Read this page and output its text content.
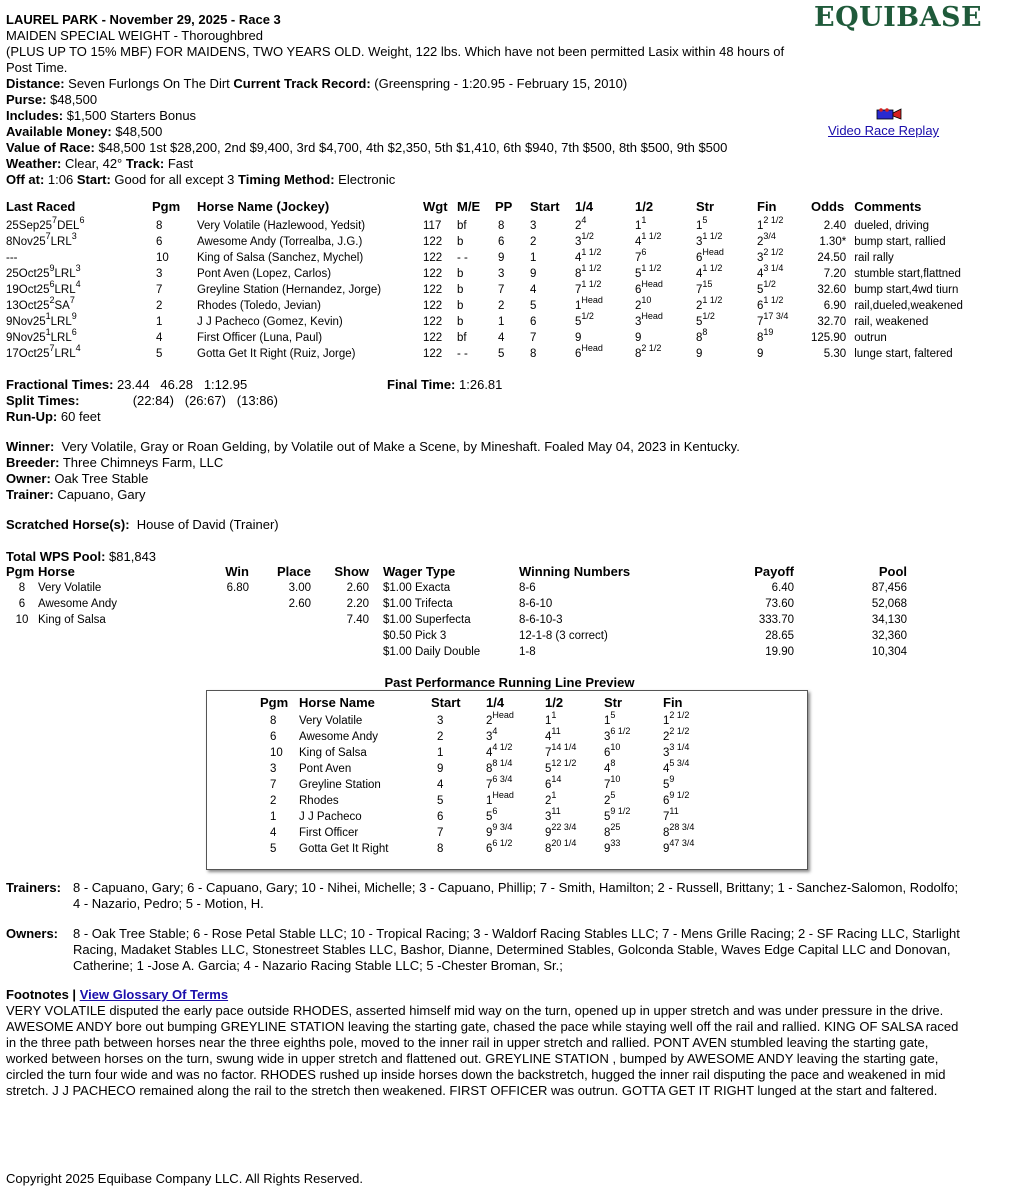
LAUREL PARK - November 29, 2025 - Race 3
MAIDEN SPECIAL WEIGHT - Thoroughbred
(PLUS UP TO 15% MBF) FOR MAIDENS, TWO YEARS OLD. Weight, 122 lbs. Which have not been permitted Lasix within 48 hours of Post Time.
Distance: Seven Furlongs On The Dirt Current Track Record: (Greenspring - 1:20.95 - February 15, 2010)
Purse: $48,500
Includes: $1,500 Starters Bonus
Available Money: $48,500
Value of Race: $48,500 1st $28,200, 2nd $9,400, 3rd $4,700, 4th $2,350, 5th $1,410, 6th $940, 7th $500, 8th $500, 9th $500
Weather: Clear, 42° Track: Fast
Off at: 1:06 Start: Good for all except 3 Timing Method: Electronic
EQUIBASE
Video Race Replay
Last Raced	Pgm	Horse Name (Jockey)	Wgt	M/E	PP	Start	1/4	1/2	Str	Fin	Odds	Comments
$25Sep25^7DEL^6$	8	Very Volatile (Hazlewood, Yedsit)	117	bf	8	3	$2^4$	$1^1$	$1^5$	$1^{2 1/2}$	2.40	dueled, driving
$8Nov25^7LRL^3$	6	Awesome Andy (Torrealba, J.G.)	122	b	6	2	$3^{1/2}$	$4^{1 1/2}$	$3^{1 1/2}$	$2^{3/4}$	1.30*	bump start, rallied
---	10	King of Salsa (Sanchez, Mychel)	122	- -	9	1	$4^{1 1/2}$	$7^6$	$6^{Head}$	$3^{2 1/2}$	24.50	rail rally
$25Oct25^9LRL^3$	3	Pont Aven (Lopez, Carlos)	122	b	3	9	$8^{1 1/2}$	$5^{1 1/2}$	$4^{1 1/2}$	$4^{3 1/4}$	7.20	stumble start,flattned
$19Oct25^6LRL^4$	7	Greyline Station (Hernandez, Jorge)	122	b	7	4	$7^{1 1/2}$	$6^{Head}$	$7^{15}$	$5^{1/2}$	32.60	bump start,4wd tiurn
$13Oct25^2SA^7$	2	Rhodes (Toledo, Jevian)	122	b	2	5	$1^{Head}$	$2^{10}$	$2^{1 1/2}$	$6^{1 1/2}$	6.90	rail,dueled,weakened
$9Nov25^1LRL^9$	1	J J Pacheco (Gomez, Kevin)	122	b	1	6	$5^{1/2}$	$3^{Head}$	$5^{1/2}$	$7^{17 3/4}$	32.70	rail, weakened
$9Nov25^1LRL^6$	4	First Officer (Luna, Paul)	122	bf	4	7	9	9	$8^8$	$8^{19}$	125.90	outrun
$17Oct25^7LRL^4$	5	Gotta Get It Right (Ruiz, Jorge)	122	- -	5	8	$6^{Head}$	$8^{2 1/2}$	9	9	5.30	lunge start, faltered
Fractional Times: 23.44 46.28 1:12.95	Final Time: 1:26.81
Split Times:	(22:84) (26:67) (13:86)
Run-Up: 60 feet
Winner: Very Volatile, Gray or Roan Gelding, by Volatile out of Make a Scene, by Mineshaft. Foaled May 04, 2023 in Kentucky.
Breeder: Three Chimneys Farm, LLC
Owner: Oak Tree Stable
Trainer: Capuano, Gary
Scratched Horse(s): House of David (Trainer)
Total WPS Pool: $81,843
Pgm	Horse	Win	Place	Show
8	Very Volatile	6.80	3.00	2.60
6	Awesome Andy		2.60	2.20
10	King of Salsa			7.40
Wager Type	Winning Numbers	Payoff	Pool
$1.00 Exacta	8-6	6.40	87,456
$1.00 Trifecta	8-6-10	73.60	52,068
$1.00 Superfecta	8-6-10-3	333.70	34,130
$0.50 Pick 3	12-1-8 (3 correct)	28.65	32,360
$1.00 Daily Double	1-8	19.90	10,304
Past Performance Running Line Preview
Pgm	Horse Name	Start	1/4	1/2	Str	Fin
8	Very Volatile	3	$2^{Head}$	$1^1$	$1^5$	$1^{2 1/2}$
6	Awesome Andy	2	$3^4$	$4^{11}$	$3^{6 1/2}$	$2^{2 1/2}$
10	King of Salsa	1	$4^{4 1/2}$	$7^{14 1/4}$	$6^{10}$	$3^{3 1/4}$
3	Pont Aven	9	$8^{8 1/4}$	$5^{12 1/2}$	$4^8$	$4^{5 3/4}$
7	Greyline Station	4	$7^{6 3/4}$	$6^{14}$	$7^{10}$	$5^9$
2	Rhodes	5	$1^{Head}$	$2^1$	$2^5$	$6^{9 1/2}$
1	J J Pacheco	6	$5^6$	$3^{11}$	$5^{9 1/2}$	$7^{11}$
4	First Officer	7	$9^{9 3/4}$	$9^{22 3/4}$	$8^{25}$	$8^{28 3/4}$
5	Gotta Get It Right	8	$6^{6 1/2}$	$8^{20 1/4}$	$9^{33}$	$9^{47 3/4}$
Trainers:	8 - Capuano, Gary; 6 - Capuano, Gary; 10 - Nihei, Michelle; 3 - Capuano, Phillip; 7 - Smith, Hamilton; 2 - Russell, Brittany; 1 - Sanchez-Salomon, Rodolfo; 4 - Nazario, Pedro; 5 - Motion, H.
Owners:	8 - Oak Tree Stable; 6 - Rose Petal Stable LLC; 10 - Tropical Racing; 3 - Waldorf Racing Stables LLC; 7 - Mens Grille Racing; 2 - SF Racing LLC, Starlight Racing, Madaket Stables LLC, Stonestreet Stables LLC, Bashor, Dianne, Determined Stables, Golconda Stable, Waves Edge Capital LLC and Donovan, Catherine; 1 -Jose A. Garcia; 4 - Nazario Racing Stable LLC; 5 -Chester Broman, Sr.;
Footnotes | View Glossary Of Terms
VERY VOLATILE disputed the early pace outside RHODES, asserted himself mid way on the turn, opened up in upper stretch and was under pressure in the drive. AWESOME ANDY bore out bumping GREYLINE STATION leaving the starting gate, chased the pace while staying well off the rail and rallied. KING OF SALSA raced in the three path between horses near the three eighths pole, moved to the inner rail in upper stretch and rallied. PONT AVEN stumbled leaving the starting gate, worked between horses on the turn, swung wide in upper stretch and flattened out. GREYLINE STATION , bumped by AWESOME ANDY leaving the starting gate, circled the turn four wide and was no factor. RHODES rushed up inside horses down the backstretch, hugged the inner rail disputing the pace and weakened in mid stretch. J J PACHECO remained along the rail to the stretch then weakened. FIRST OFFICER was outrun. GOTTA GET IT RIGHT lunged at the start and faltered.
Copyright 2025 Equibase Company LLC. All Rights Reserved.
